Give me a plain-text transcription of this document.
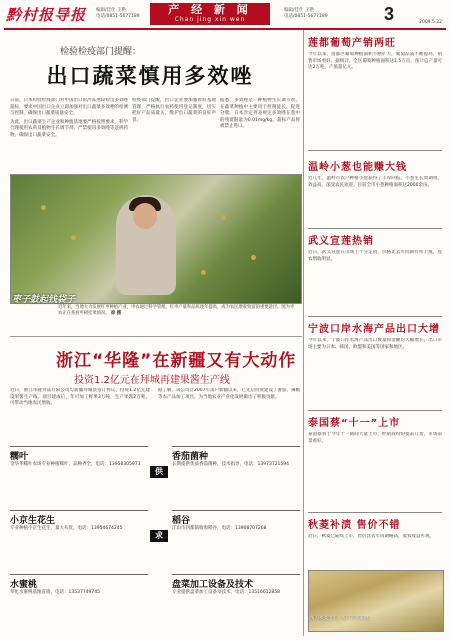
黔村报导报	产 经 新 闻
Chan jing xin wen
编辑/佳仕 王艳
电话/0851-5677189
编辑/佳仕 王艳
电话/0851-5677189	3	2009.5.22
检验检疫部门提醒：
出口蔬菜慎用多效唑

日前，日本检验检疫部门对中国出口的冷冻葱段检出多效唑超标，要求中国出口企业立即加强对出口蔬菜多效唑的检测与控制，确保出口蔬菜质量安全。

为此，出口蔬菜生产企业和种植基地要严格按照要求，科学合理使用农药及植物生长调节剂，严禁使用多效唑等违规药物，确保出口蔬菜安全。

检疫部门提醒，出口企业要加强原料基地管理，严格执行农药使用登记制度，切实把好产品质量关，维护出口蔬菜的良好声誉。

据悉，多效唑是一种植物生长调节剂，在蔬菜种植中主要用于控制徒长、促进分蘖。日本肯定列表规定多效唑在葱中的残留限量为0.01mg/kg，超标产品将被禁止进口。

枣子鼓起钱袋子
近年来，当地大力发展红枣种植产业，枣农通过科学管理，红枣产量和品质逐年提高，成为农民增收致富的重要途径。图为枣农正在查看枣树挂果情况。 徐 摄
浙江“华隆”在新疆又有大动作
投资1.2亿元在拜城再建果酱生产线

近日，浙江华隆食品有限公司与新疆拜城县签订协议，投资1.2亿元建设果酱生产线。项目建成后，年可加工鲜果3万吨，生产果酱2万吨，可带动当地农民增收。

据了解，该公司自2007年落户新疆以来，已先后投资建设了番茄、辣椒等农产品加工项目，为当地农业产业化发展做出了积极贡献。

糯叶
金华华糯叶农场专业种植糯叶，品种齐全，电话：13958305973
供
香茄菌种
长期提供优质香茄菌种，技术指导，电话：13973721594
小京生花生
专业种植小京生花生，量大从优，电话：13954674245
求
稻谷
江山市四都镇收购稻谷，电话：13908707268
水蜜桃
奉化水蜜桃基地直销，电话：13537749745
盘菜加工设备及技术
专业提供盘菜加工设备及技术，电话：13516612858
莲都葡萄产销两旺
今年以来，莲都区葡萄种植面积不断扩大，葡萄品质不断提高，销售市场看好。据统计，全区葡萄种植面积达1.5万亩，预计总产量可达2万吨，产值超亿元。
温岭小葱也能赚大钱
近几年，温岭市农户种植小葱获得了丰厚回报。小葱生长周期短，效益高，深受农民欢迎。目前全市小葱种植面积达2000余亩。
武义宣莲热销
近日，武义宣莲在市场上十分走俏，价格比去年同期有所上涨，莲农增收明显。
宁波口岸水海产品出口大增
今年以来，宁波口岸水海产品出口数量和金额均大幅增长，出口市场主要为日本、韩国、欧盟和美国等国家和地区。
泰国蔡“十一”上市
泰国蔡将于今年十一期间大量上市，经销商纷纷提前订货，市场前景看好。
秋菱补渍 售价不错
近日，秋菱已陆续上市，售价比去年同期略高，菱农收益可观。
图为秋菱上市，农户正在采收。
